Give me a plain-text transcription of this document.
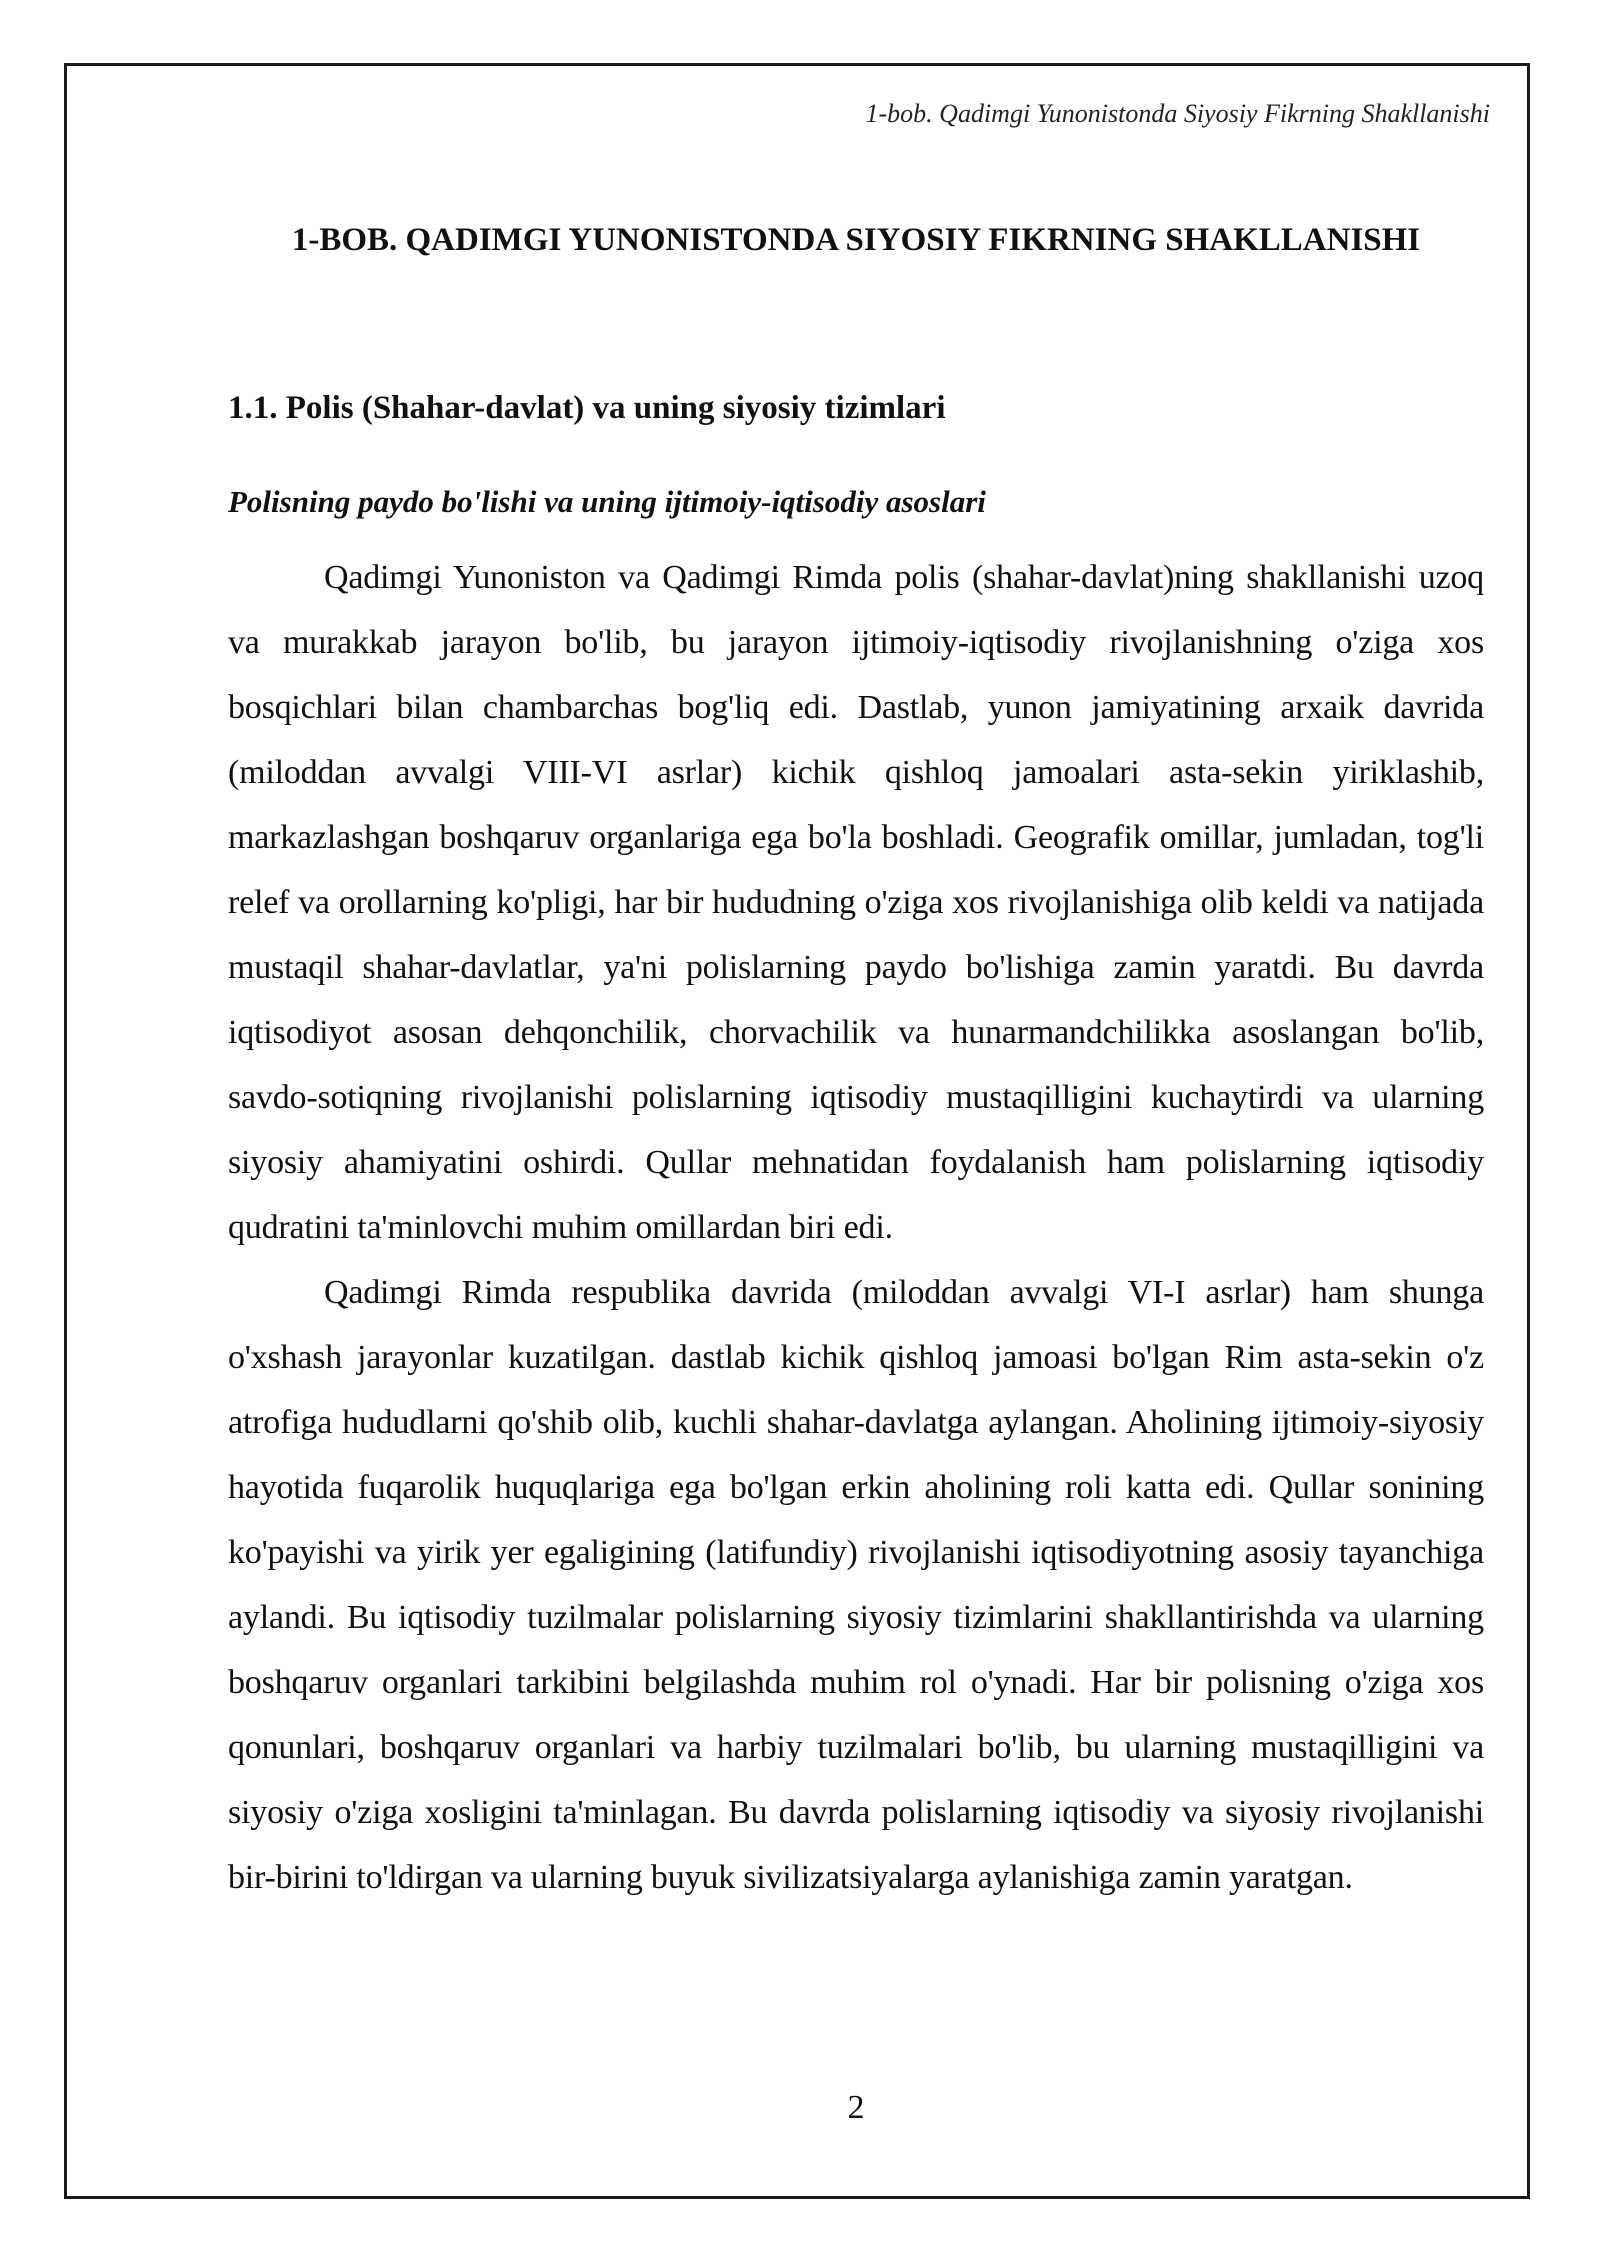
1-bob. Qadimgi Yunonistonda Siyosiy Fikrning Shakllanishi
1-BOB. QADIMGI YUNONISTONDA SIYOSIY FIKRNING SHAKLLANISHI
1.1. Polis (Shahar-davlat) va uning siyosiy tizimlari
Polisning paydo bo'lishi va uning ijtimoiy-iqtisodiy asoslari

Qadimgi Yunoniston va Qadimgi Rimda polis (shahar-davlat)ning shakllanishi uzoq va murakkab jarayon bo'lib, bu jarayon ijtimoiy-iqtisodiy rivojlanishning o'ziga xos bosqichlari bilan chambarchas bog'liq edi. Dastlab, yunon jamiyatining arxaik davrida (miloddan avvalgi VIII-VI asrlar) kichik qishloq jamoalari asta-sekin yiriklashib, markazlashgan boshqaruv organlariga ega bo'la boshladi. Geografik omillar, jumladan, tog'li relef va orollarning ko'pligi, har bir hududning o'ziga xos rivojlanishiga olib keldi va natijada mustaqil shahar-davlatlar, ya'ni polislarning paydo bo'lishiga zamin yaratdi. Bu davrda iqtisodiyot asosan dehqonchilik, chorvachilik va hunarmandchilikka asoslangan bo'lib, savdo-sotiqning rivojlanishi polislarning iqtisodiy mustaqilligini kuchaytirdi va ularning siyosiy ahamiyatini oshirdi. Qullar mehnatidan foydalanish ham polislarning iqtisodiy qudratini ta'minlovchi muhim omillardan biri edi.

Qadimgi Rimda respublika davrida (miloddan avvalgi VI-I asrlar) ham shunga o'xshash jarayonlar kuzatilgan. dastlab kichik qishloq jamoasi bo'lgan Rim asta-sekin o'z atrofiga hududlarni qo'shib olib, kuchli shahar-davlatga aylangan. Aholining ijtimoiy-siyosiy hayotida fuqarolik huquqlariga ega bo'lgan erkin aholining roli katta edi. Qullar sonining ko'payishi va yirik yer egaligining (latifundiy) rivojlanishi iqtisodiyotning asosiy tayanchiga aylandi. Bu iqtisodiy tuzilmalar polislarning siyosiy tizimlarini shakllantirishda va ularning boshqaruv organlari tarkibini belgilashda muhim rol o'ynadi. Har bir polisning o'ziga xos qonunlari, boshqaruv organlari va harbiy tuzilmalari bo'lib, bu ularning mustaqilligini va siyosiy o'ziga xosligini ta'minlagan. Bu davrda polislarning iqtisodiy va siyosiy rivojlanishi bir-birini to'ldirgan va ularning buyuk sivilizatsiyalarga aylanishiga zamin yaratgan.

2
